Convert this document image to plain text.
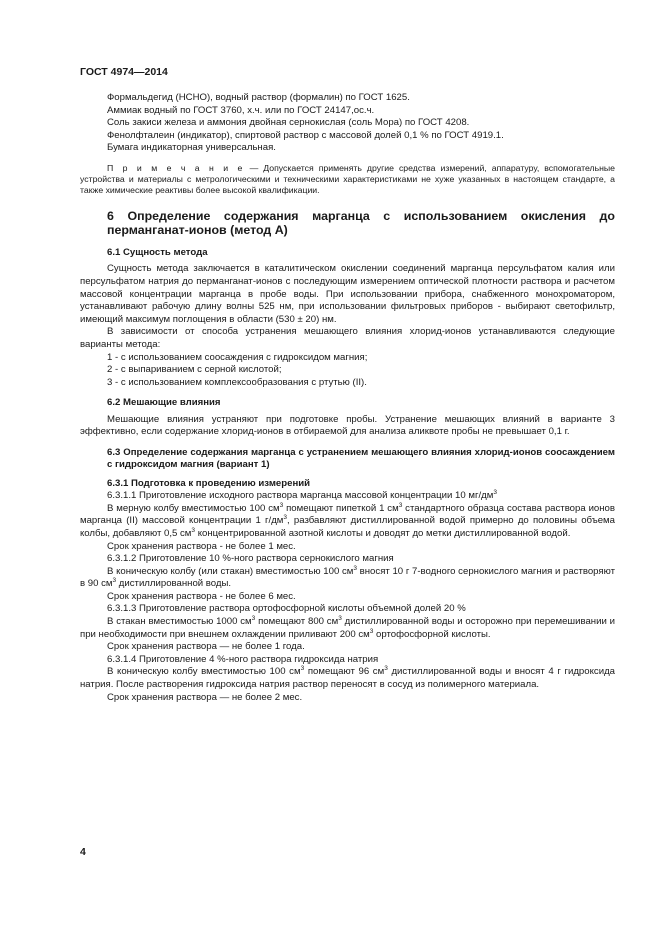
ГОСТ 4974—2014

Формальдегид (НСНО), водный раствор (формалин) по ГОСТ 1625.

Аммиак водный по ГОСТ 3760, х.ч. или по ГОСТ 24147,ос.ч.

Соль закиси железа и аммония двойная сернокислая (соль Мора) по ГОСТ 4208.

Фенолфталеин (индикатор), спиртовой раствор с массовой долей 0,1 % по ГОСТ 4919.1.

Бумага индикаторная универсальная.

П р и м е ч а н и е — Допускается применять другие средства измерений, аппаратуру, вспомогательные устройства и материалы с метрологическими и техническими характеристиками не хуже указанных в настоящем стандарте, а также химические реактивы более высокой квалификации.

6 Определение содержания марганца с использованием окисления до перманганат-ионов (метод А)
6.1 Сущность метода

Сущность метода заключается в каталитическом окислении соединений марганца персульфатом калия или персульфатом натрия до перманганат-ионов с последующим измерением оптической плотности раствора и расчетом массовой концентрации марганца в пробе воды. При использовании прибора, снабженного монохроматором, устанавливают рабочую длину волны 525 нм, при использовании фильтровых приборов - выбирают светофильтр, имеющий максимум поглощения в области (530 ± 20) нм.

В зависимости от способа устранения мешающего влияния хлорид-ионов устанавливаются следующие варианты метода:

1 - с использованием соосаждения с гидроксидом магния;

2 - с выпариванием с серной кислотой;

3 - с использованием комплексообразования с ртутью (II).

6.2 Мешающие влияния

Мешающие влияния устраняют при подготовке пробы. Устранение мешающих влияний в варианте 3 эффективно, если содержание хлорид-ионов в отбираемой для анализа аликвоте пробы не превышает 0,1 г.

6.3 Определение содержания марганца с устранением мешающего влияния хлорид-ионов соосаждением с гидроксидом магния (вариант 1)
6.3.1 Подготовка к проведению измерений

6.3.1.1 Приготовление исходного раствора марганца массовой концентрации 10 $мг/дм^3$

В мерную колбу вместимостью 100 $см^3$ помещают пипеткой 1 $см^3$ стандартного образца состава раствора ионов марганца (II) массовой концентрации 1 $г/дм^3$, разбавляют дистиллированной водой примерно до половины объема колбы, добавляют 0,5 $см^3$ концентрированной азотной кислоты и доводят до метки дистиллированной водой.

Срок хранения раствора - не более 1 мес.

6.3.1.2 Приготовление 10 %-ного раствора сернокислого магния

В коническую колбу (или стакан) вместимостью 100 $см^3$ вносят 10 г 7-водного сернокислого магния и растворяют в 90 $см^3$ дистиллированной воды.

Срок хранения раствора - не более 6 мес.

6.3.1.3 Приготовление раствора ортофосфорной кислоты объемной долей 20 %

В стакан вместимостью 1000 $см^3$ помещают 800 $см^3$ дистиллированной воды и осторожно при перемешивании и при необходимости при внешнем охлаждении приливают 200 $см^3$ ортофосфорной кислоты.

Срок хранения раствора — не более 1 года.

6.3.1.4 Приготовление 4 %-ного раствора гидроксида натрия

В коническую колбу вместимостью 100 $см^3$ помещают 96 $см^3$ дистиллированной воды и вносят 4 г гидроксида натрия. После растворения гидроксида натрия раствор переносят в сосуд из полимерного материала.

Срок хранения раствора — не более 2 мес.

4
